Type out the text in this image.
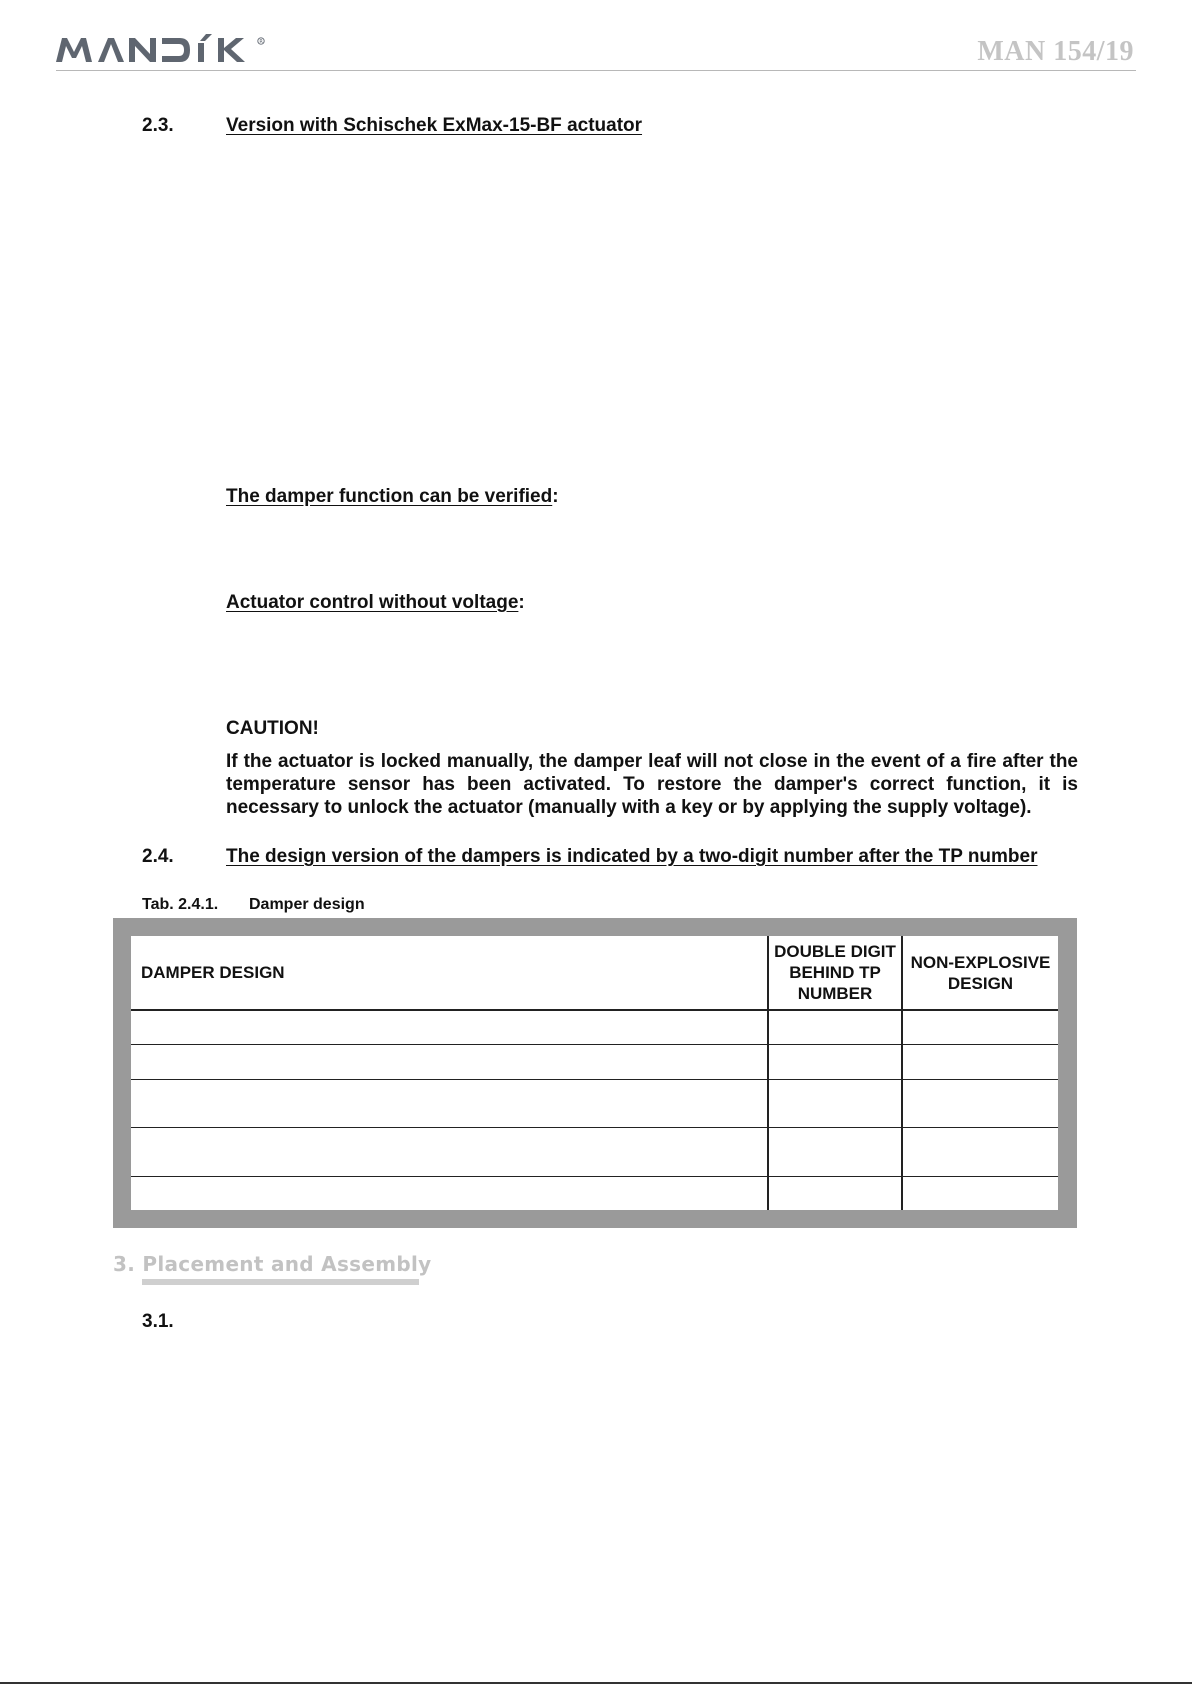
R
MANDÍK
MAN 154/19
2.3.	Version with Schischek ExMax-15-BF actuator
The damper function can be verified:
Actuator control without voltage:
CAUTION!
If the actuator is locked manually, the damper leaf will not close in the event of a fire after the temperature sensor has been activated. To restore the damper's correct function, it is necessary to unlock the actuator (manually with a key or by applying the supply voltage).
2.4.	The design version of the dampers is indicated by a two-digit number after the TP number
Tab. 2.4.1. Damper design
DAMPER DESIGN	DOUBLE DIGIT BEHIND TP NUMBER	NON-EXPLOSIVE DESIGN

3. Placement and Assembly
3.1.
